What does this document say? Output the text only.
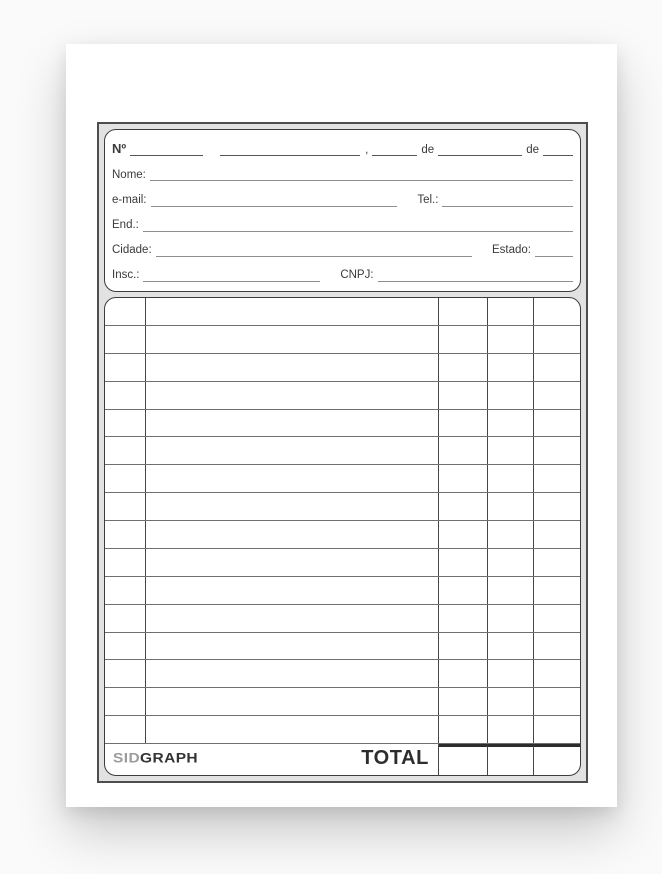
Nº	,	de	de
Nome:
e-mail:	Tel.:
End.:
Cidade:	Estado:
Insc.:	CNPJ:
SIDGRAPH	TOTAL
